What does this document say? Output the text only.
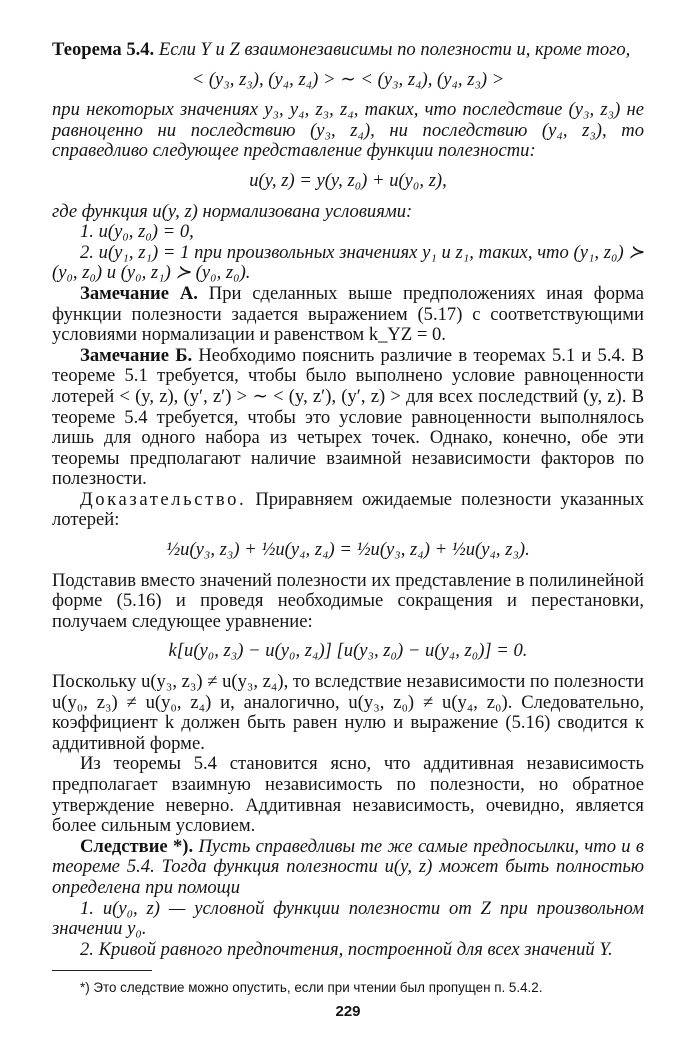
Теорема 5.4. Если Y и Z взаимонезависимы по полезности и, кроме того,

< (y₃, z₃), (y₄, z₄) > ∼ < (y₃, z₄), (y₄, z₃) >

при некоторых значениях y₃, y₄, z₃, z₄, таких, что последствие (y₃, z₃) не равноценно ни последствию (y₃, z₄), ни последствию (y₄, z₃), то справедливо следующее представление функции полезности:

u(y, z) = y(y, z₀) + u(y₀, z),

где функция u(y, z) нормализована условиями:

1. u(y₀, z₀) = 0,

2. u(y₁, z₁) = 1 при произвольных значениях y₁ и z₁, таких, что (y₁, z₀) ≻ (y₀, z₀) и (y₀, z₁) ≻ (y₀, z₀).

Замечание А. При сделанных выше предположениях иная форма функции полезности задается выражением (5.17) с соответствующими условиями нормализации и равенством k_YZ = 0.

Замечание Б. Необходимо пояснить различие в теоремах 5.1 и 5.4. В теореме 5.1 требуется, чтобы было выполнено условие равноценности лотерей < (y, z), (y′, z′) > ∼ < (y, z′), (y′, z) > для всех последствий (y, z). В теореме 5.4 требуется, чтобы это условие равноценности выполнялось лишь для одного набора из четырех точек. Однако, конечно, обе эти теоремы предполагают наличие взаимной независимости факторов по полезности.

Доказательство. Приравняем ожидаемые полезности указанных лотерей:

½u(y₃, z₃) + ½u(y₄, z₄) = ½u(y₃, z₄) + ½u(y₄, z₃).

Подставив вместо значений полезности их представление в полилинейной форме (5.16) и проведя необходимые сокращения и перестановки, получаем следующее уравнение:

k[u(y₀, z₃) − u(y₀, z₄)] [u(y₃, z₀) − u(y₄, z₀)] = 0.

Поскольку u(y₃, z₃) ≠ u(y₃, z₄), то вследствие независимости по полезности u(y₀, z₃) ≠ u(y₀, z₄) и, аналогично, u(y₃, z₀) ≠ u(y₄, z₀). Следовательно, коэффициент k должен быть равен нулю и выражение (5.16) сводится к аддитивной форме.

Из теоремы 5.4 становится ясно, что аддитивная независимость предполагает взаимную независимость по полезности, но обратное утверждение неверно. Аддитивная независимость, очевидно, является более сильным условием.

Следствие *). Пусть справедливы те же самые предпосылки, что и в теореме 5.4. Тогда функция полезности u(y, z) может быть полностью определена при помощи

1. u(y₀, z) — условной функции полезности от Z при произвольном значении y₀.

2. Кривой равного предпочтения, построенной для всех значений Y.

*) Это следствие можно опустить, если при чтении был пропущен п. 5.4.2.

229
